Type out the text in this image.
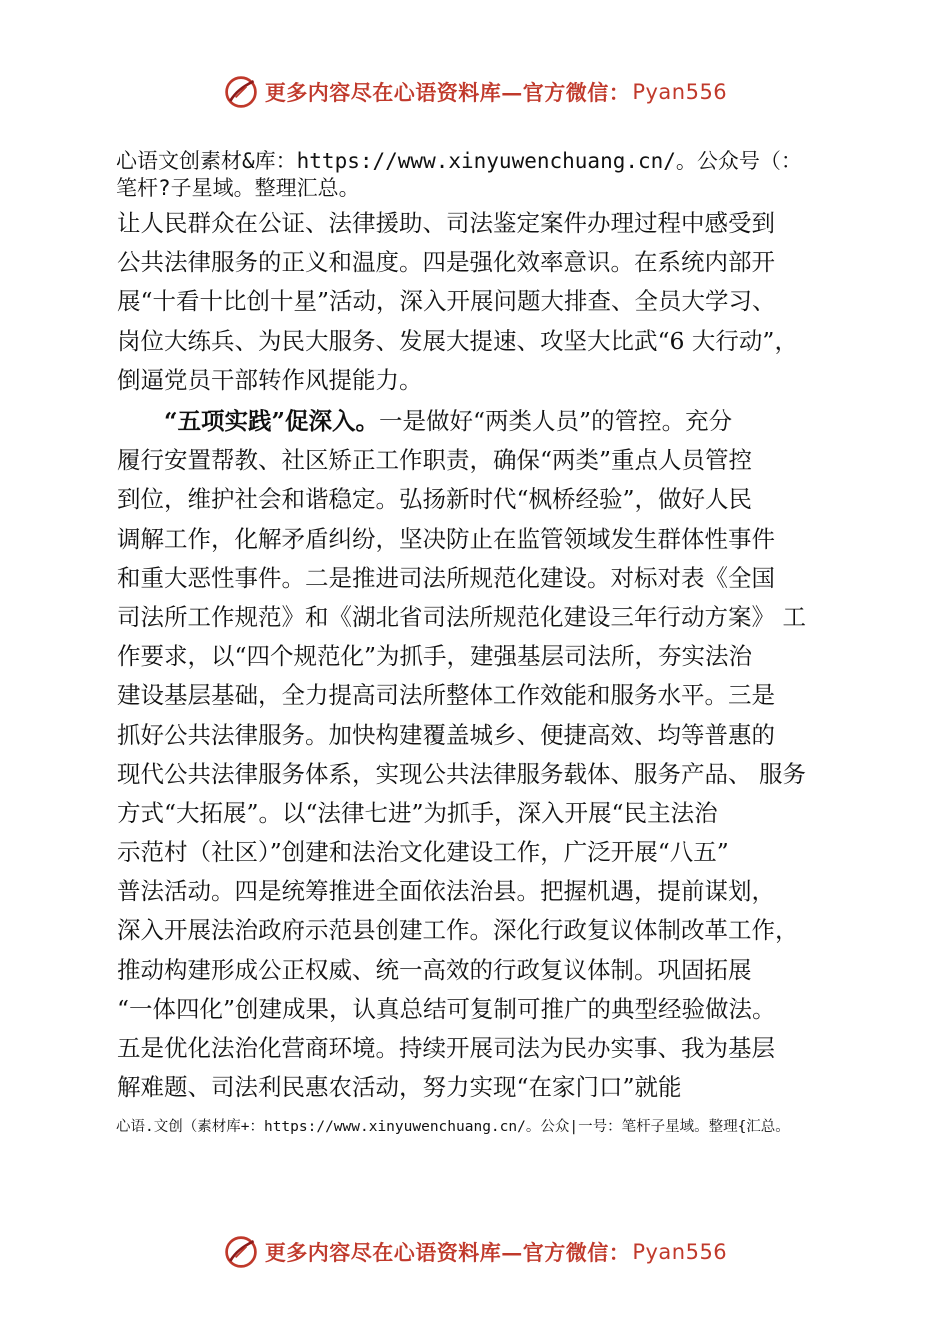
更多内容尽在心语资料库—官方微信： Pyan556
心语文创素材&库：https://www.xinyuwenchuang.cn/。公众号（：
笔杆?子星域。整理汇总。
让人民群众在公证、法律援助、司法鉴定案件办理过程中感受到
公共法律服务的正义和温度。四是强化效率意识。在系统内部开
展“十看十比创十星”活动，深入开展问题大排查、全员大学习、
岗位大练兵、为民大服务、发展大提速、攻坚大比武“6 大行动”，
倒逼党员干部转作风提能力。
“五项实践”促深入。一是做好“两类人员”的管控。充分
履行安置帮教、社区矫正工作职责，确保“两类”重点人员管控
到位，维护社会和谐稳定。弘扬新时代“枫桥经验”，做好人民
调解工作，化解矛盾纠纷，坚决防止在监管领域发生群体性事件
和重大恶性事件。二是推进司法所规范化建设。对标对表《全国
司法所工作规范》和《湖北省司法所规范化建设三年行动方案》 工
作要求，以“四个规范化”为抓手，建强基层司法所，夯实法治
建设基层基础，全力提高司法所整体工作效能和服务水平。三是
抓好公共法律服务。加快构建覆盖城乡、便捷高效、均等普惠的
现代公共法律服务体系，实现公共法律服务载体、服务产品、 服务
方式“大拓展”。以“法律七进”为抓手，深入开展“民主法治
示范村（社区）”创建和法治文化建设工作，广泛开展“八五”
普法活动。四是统筹推进全面依法治县。把握机遇，提前谋划，
深入开展法治政府示范县创建工作。深化行政复议体制改革工作，
推动构建形成公正权威、统一高效的行政复议体制。巩固拓展
“一体四化”创建成果，认真总结可复制可推广的典型经验做法。
五是优化法治化营商环境。持续开展司法为民办实事、我为基层
解难题、司法利民惠农活动，努力实现“在家门口”就能
心语.文创（素材库+：https://www.xinyuwenchuang.cn/。公众|一号：笔杆子星域。整理{汇总。
更多内容尽在心语资料库—官方微信： Pyan556
